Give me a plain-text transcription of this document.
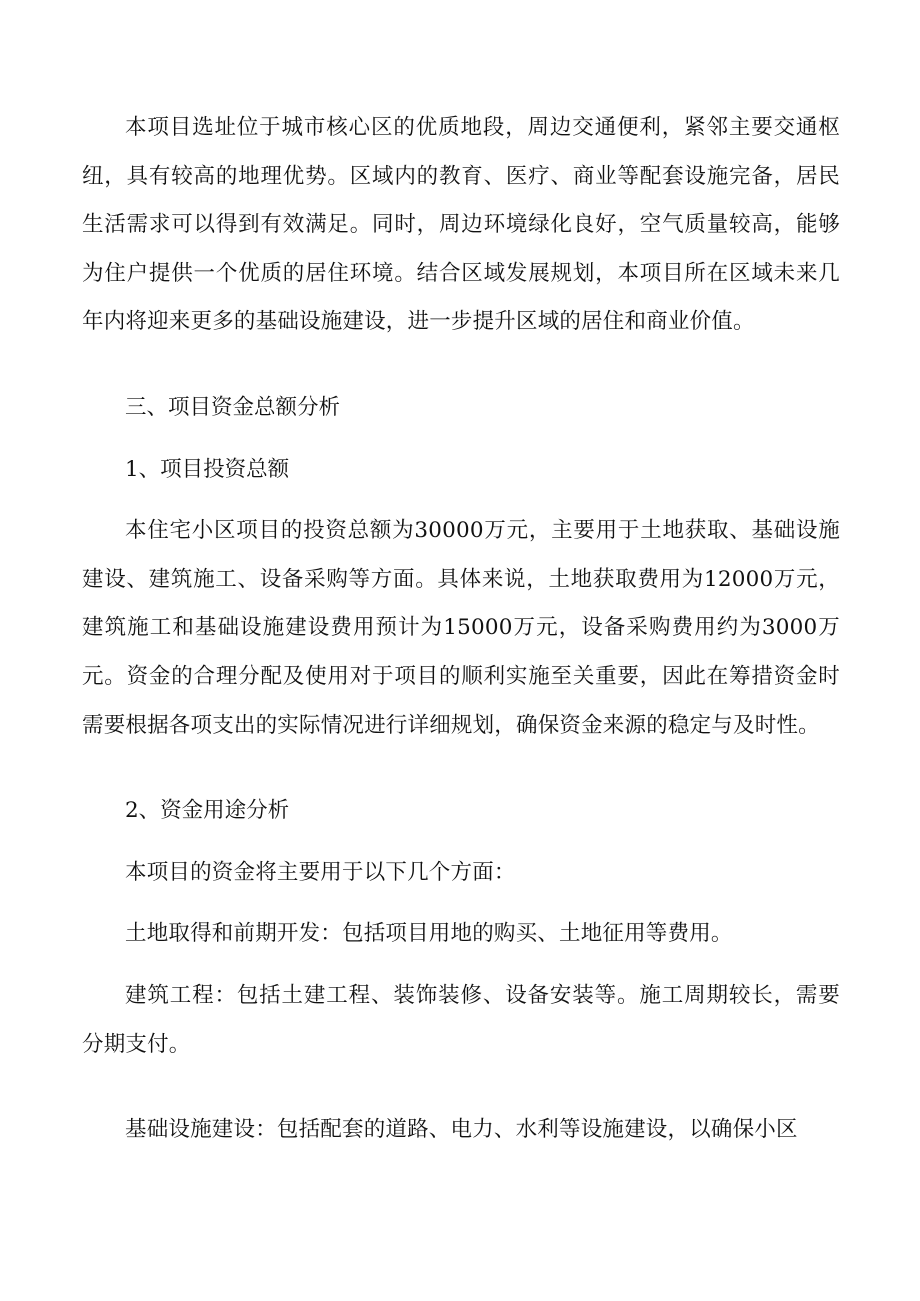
本项目选址位于城市核心区的优质地段，周边交通便利，紧邻主要交通枢纽，具有较高的地理优势。区域内的教育、医疗、商业等配套设施完备，居民生活需求可以得到有效满足。同时，周边环境绿化良好，空气质量较高，能够为住户提供一个优质的居住环境。结合区域发展规划，本项目所在区域未来几年内将迎来更多的基础设施建设，进一步提升区域的居住和商业价值。

三、项目资金总额分析

1、项目投资总额

本住宅小区项目的投资总额为30000万元，主要用于土地获取、基础设施建设、建筑施工、设备采购等方面。具体来说，土地获取费用为12000万元，建筑施工和基础设施建设费用预计为15000万元，设备采购费用约为3000万元。资金的合理分配及使用对于项目的顺利实施至关重要，因此在筹措资金时需要根据各项支出的实际情况进行详细规划，确保资金来源的稳定与及时性。

2、资金用途分析

本项目的资金将主要用于以下几个方面：

土地取得和前期开发：包括项目用地的购买、土地征用等费用。

建筑工程：包括土建工程、装饰装修、设备安装等。施工周期较长，需要分期支付。

基础设施建设：包括配套的道路、电力、水利等设施建设，以确保小区
